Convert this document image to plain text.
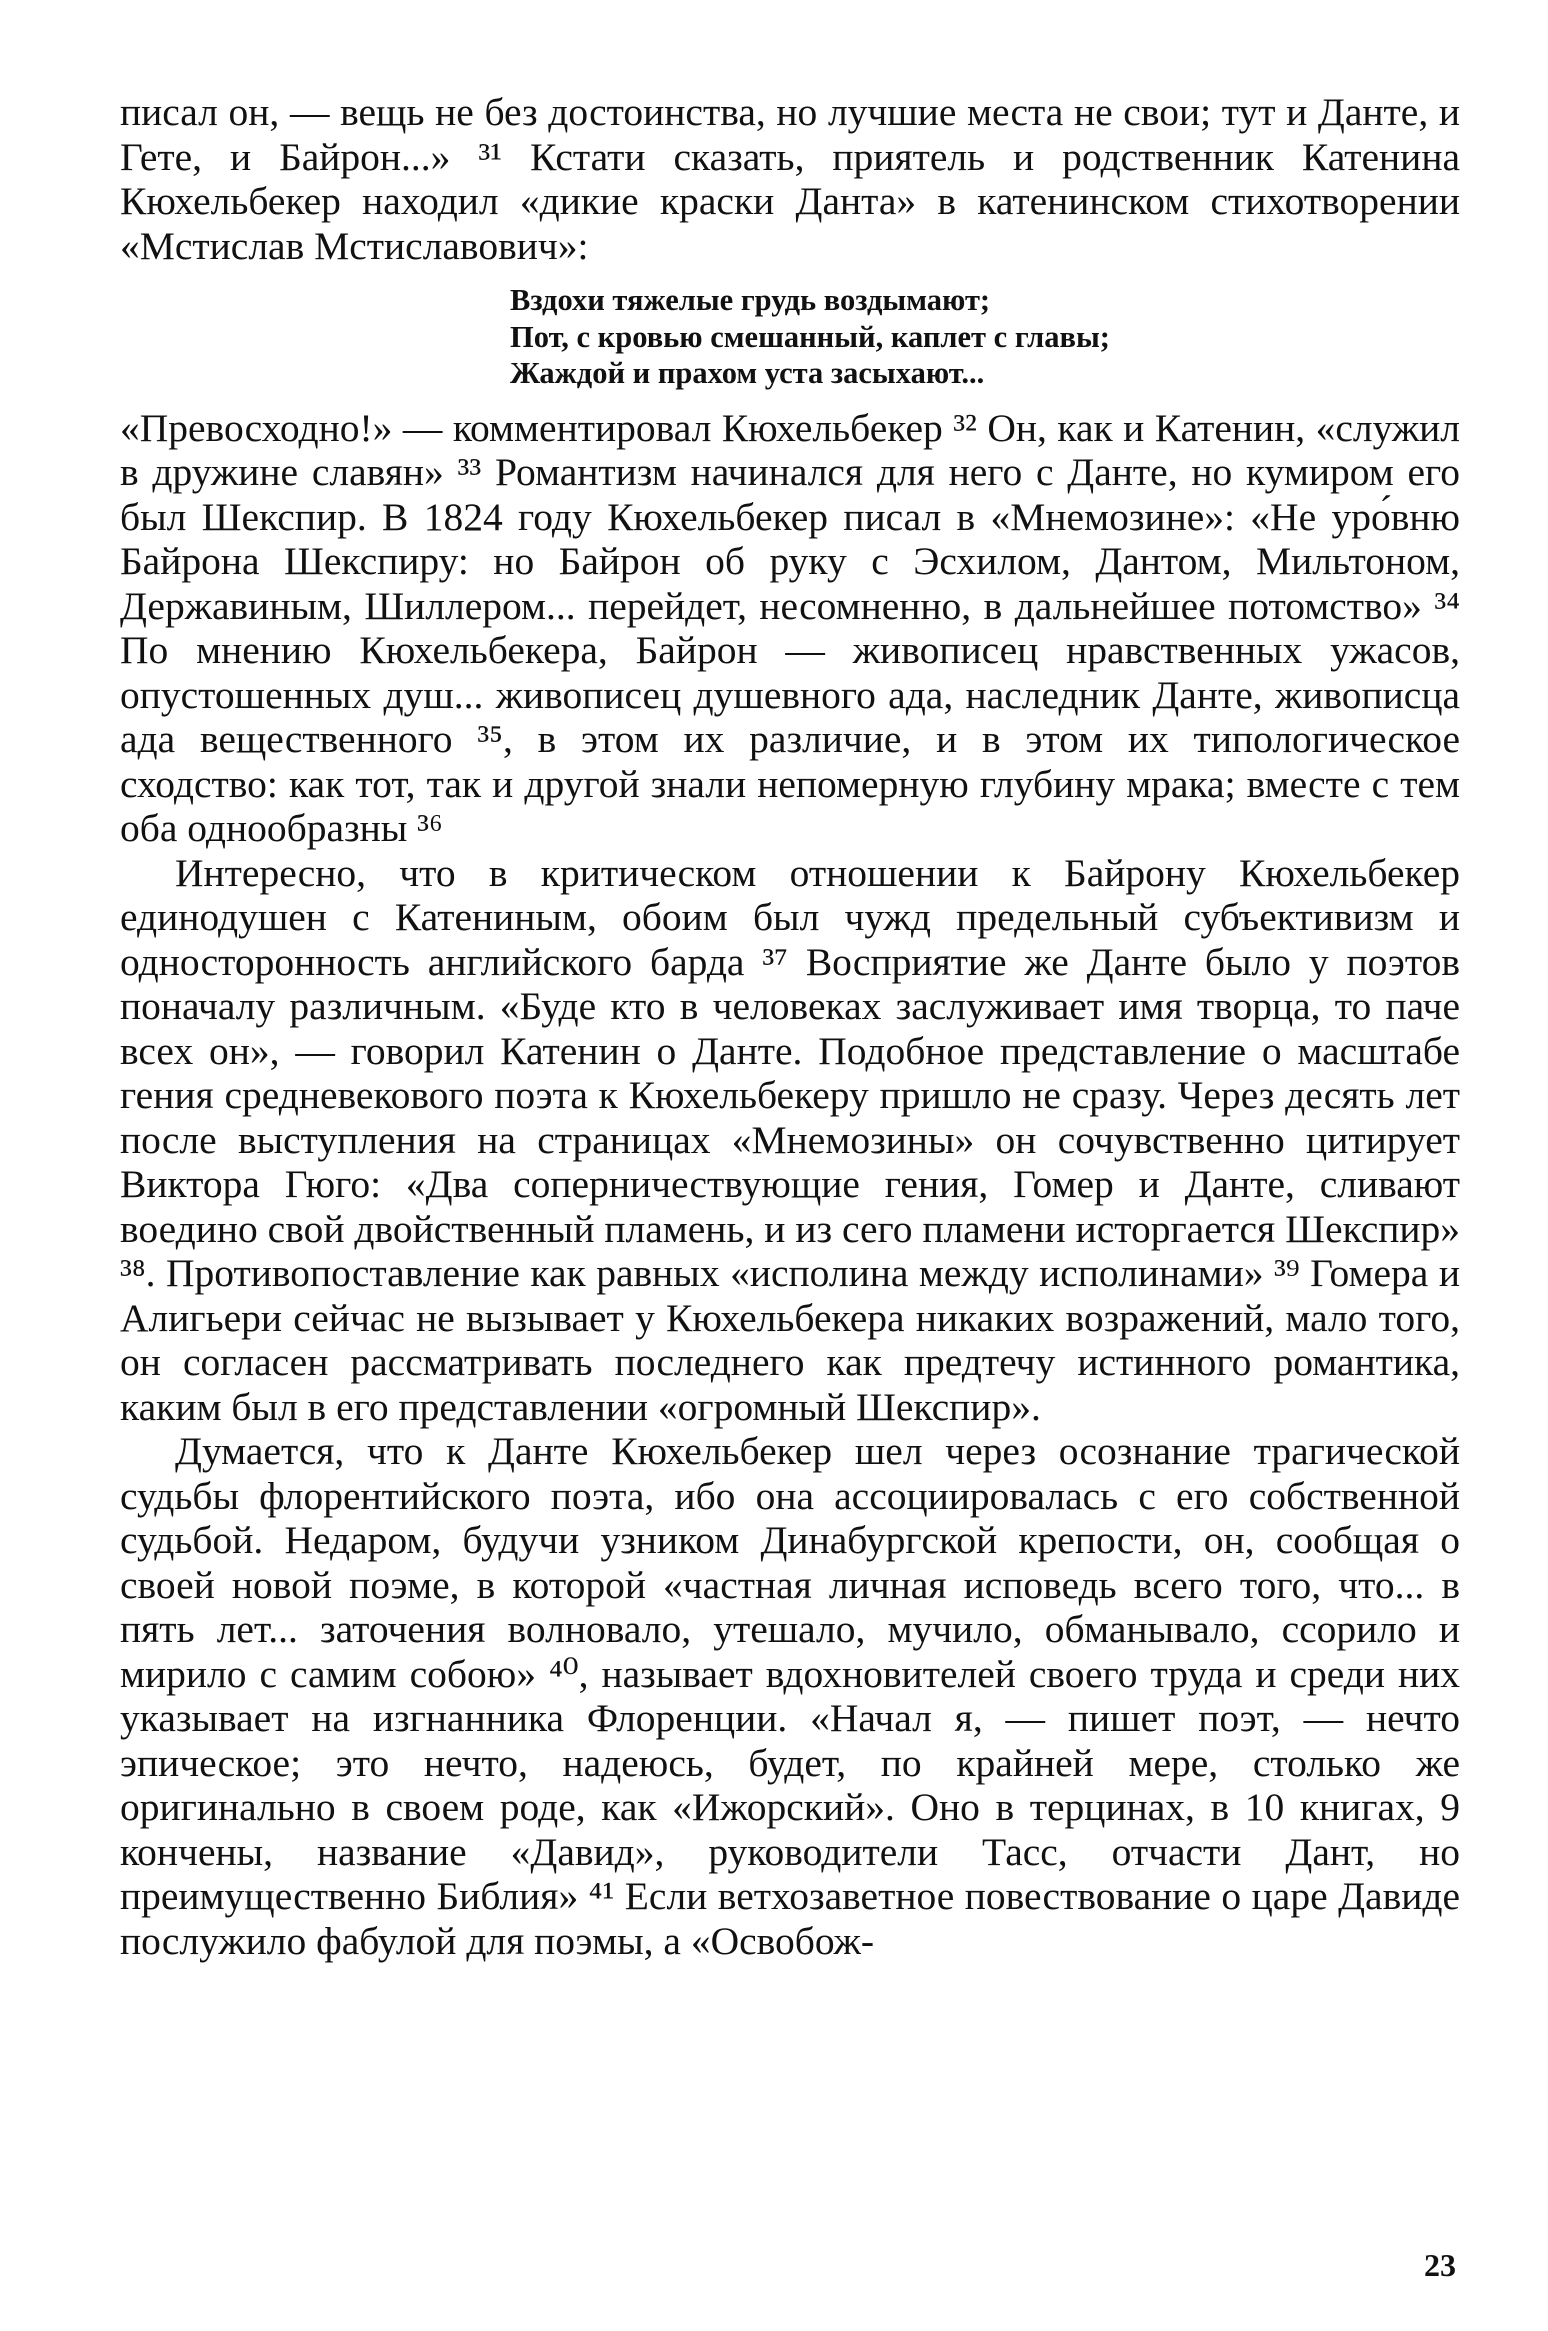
писал он, — вещь не без достоинства, но лучшие места не свои; тут и Данте, и Гете, и Байрон...» ³¹ Кстати сказать, приятель и родственник Катенина Кюхельбекер находил «дикие краски Данта» в катенинском стихотворении «Мстислав Мстиславович»:

Вздохи тяжелые грудь воздымают;
Пот, с кровью смешанный, каплет с главы;
Жаждой и прахом уста засыхают...

«Превосходно!» — комментировал Кюхельбекер ³² Он, как и Катенин, «служил в дружине славян» ³³ Романтизм начинался для него с Данте, но кумиром его был Шекспир. В 1824 году Кюхельбекер писал в «Мнемозине»: «Не уро́вню Байрона Шекспиру: но Байрон об руку с Эсхилом, Дантом, Мильтоном, Державиным, Шиллером... перейдет, несомненно, в дальнейшее потомство» ³⁴ По мнению Кюхельбекера, Байрон — живописец нравственных ужасов, опустошенных душ... живописец душевного ада, наследник Данте, живописца ада вещественного ³⁵, в этом их различие, и в этом их типологическое сходство: как тот, так и другой знали непомерную глубину мрака; вместе с тем оба однообразны ³⁶

Интересно, что в критическом отношении к Байрону Кюхельбекер единодушен с Катениным, обоим был чужд предельный субъективизм и односторонность английского барда ³⁷ Восприятие же Данте было у поэтов поначалу различным. «Буде кто в человеках заслуживает имя творца, то паче всех он», — говорил Катенин о Данте. Подобное представление о масштабе гения средневекового поэта к Кюхельбекеру пришло не сразу. Через десять лет после выступления на страницах «Мнемозины» он сочувственно цитирует Виктора Гюго: «Два соперничествующие гения, Гомер и Данте, сливают воедино свой двойственный пламень, и из сего пламени исторгается Шекспир» ³⁸. Противопоставление как равных «исполина между исполинами» ³⁹ Гомера и Алигьери сейчас не вызывает у Кюхельбекера никаких возражений, мало того, он согласен рассматривать последнего как предтечу истинного романтика, каким был в его представлении «огромный Шекспир».

Думается, что к Данте Кюхельбекер шел через осознание трагической судьбы флорентийского поэта, ибо она ассоциировалась с его собственной судьбой. Недаром, будучи узником Динабургской крепости, он, сообщая о своей новой поэме, в которой «частная личная исповедь всего того, что... в пять лет... заточения волновало, утешало, мучило, обманывало, ссорило и мирило с самим собою» ⁴⁰, называет вдохновителей своего труда и среди них указывает на изгнанника Флоренции. «Начал я, — пишет поэт, — нечто эпическое; это нечто, надеюсь, будет, по крайней мере, столько же оригинально в своем роде, как «Ижорский». Оно в терцинах, в 10 книгах, 9 кончены, название «Давид», руководители Тасс, отчасти Дант, но преимущественно Библия» ⁴¹ Если ветхозаветное повествование о царе Давиде послужило фабулой для поэмы, а «Освобож-

23
